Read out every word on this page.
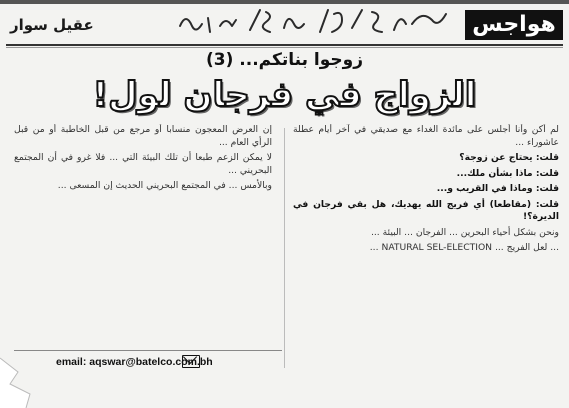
هواجس
عقيل سوار
زوجوا بناتكم... (3)
الزواج في فرجان لول!

لم أكن وأنا أجلس على مائدة الغداء مع صديقي في آخر أيام عطلة عاشوراء ...

قلت: يحتاج عن زوجة؟

قلت: ماذا بشأن ملك...

قلت: وماذا في القريب و...

قلت: (مقاطعا) أي فريج الله يهديك، هل بقي فرجان في الديرة؟!

ونحن بشكل أحياء البحرين ... الفرجان ... البيئة ...

... لعل الفريج ... NATURAL SEL-ELECTION ...

إن العرض المعجون منسابا أو مرجع من قبل الخاطبة أو من قبل الرأي العام ...

لا يمكن الزعم طبعا أن تلك البيئة التي ... فلا غرو في أن المجتمع البحريني ...

وبالأمس ... في المجتمع البحريني الحديث إن المسعى ...

email: aqswar@batelco.com.bh
